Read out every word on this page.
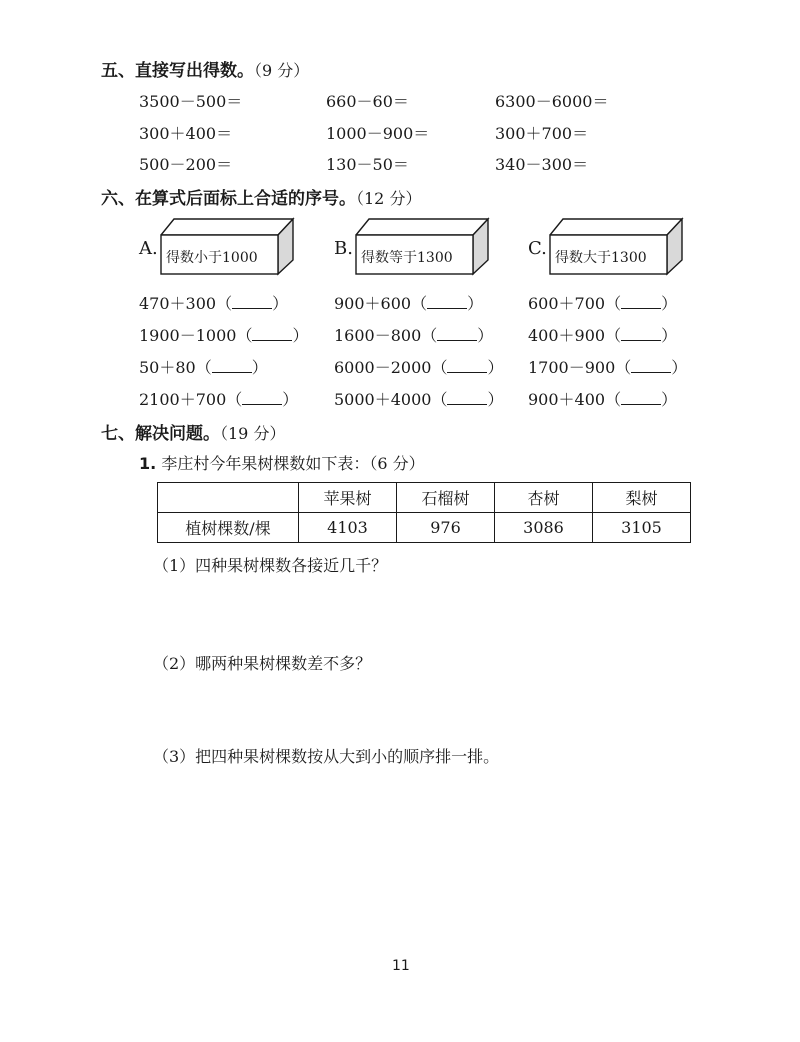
五、直接写出得数。（9 分）
3500－500＝	660－60＝	6300－6000＝
300＋400＝	1000－900＝	300＋700＝
500－200＝	130－50＝	340－300＝
六、在算式后面标上合适的序号。（12 分）
A. 得数小于1000	B. 得数等于1300	C. 得数大于1300
470＋300（	）	900＋600（	）	600＋700（	）
1900－1000（	） 1600－800（	） 400＋900（	）
50＋80（	）	6000－2000（	） 1700－900（	）
2100＋700（	） 5000＋4000（	） 900＋400（	）
七、解决问题。（19 分）
1. 李庄村今年果树棵数如下表：（6 分）
	苹果树	石榴树	杏树	梨树
植树棵数/棵	4103	976	3086	3105
（1）四种果树棵数各接近几千？
（2）哪两种果树棵数差不多？
（3）把四种果树棵数按从大到小的顺序排一排。
11
